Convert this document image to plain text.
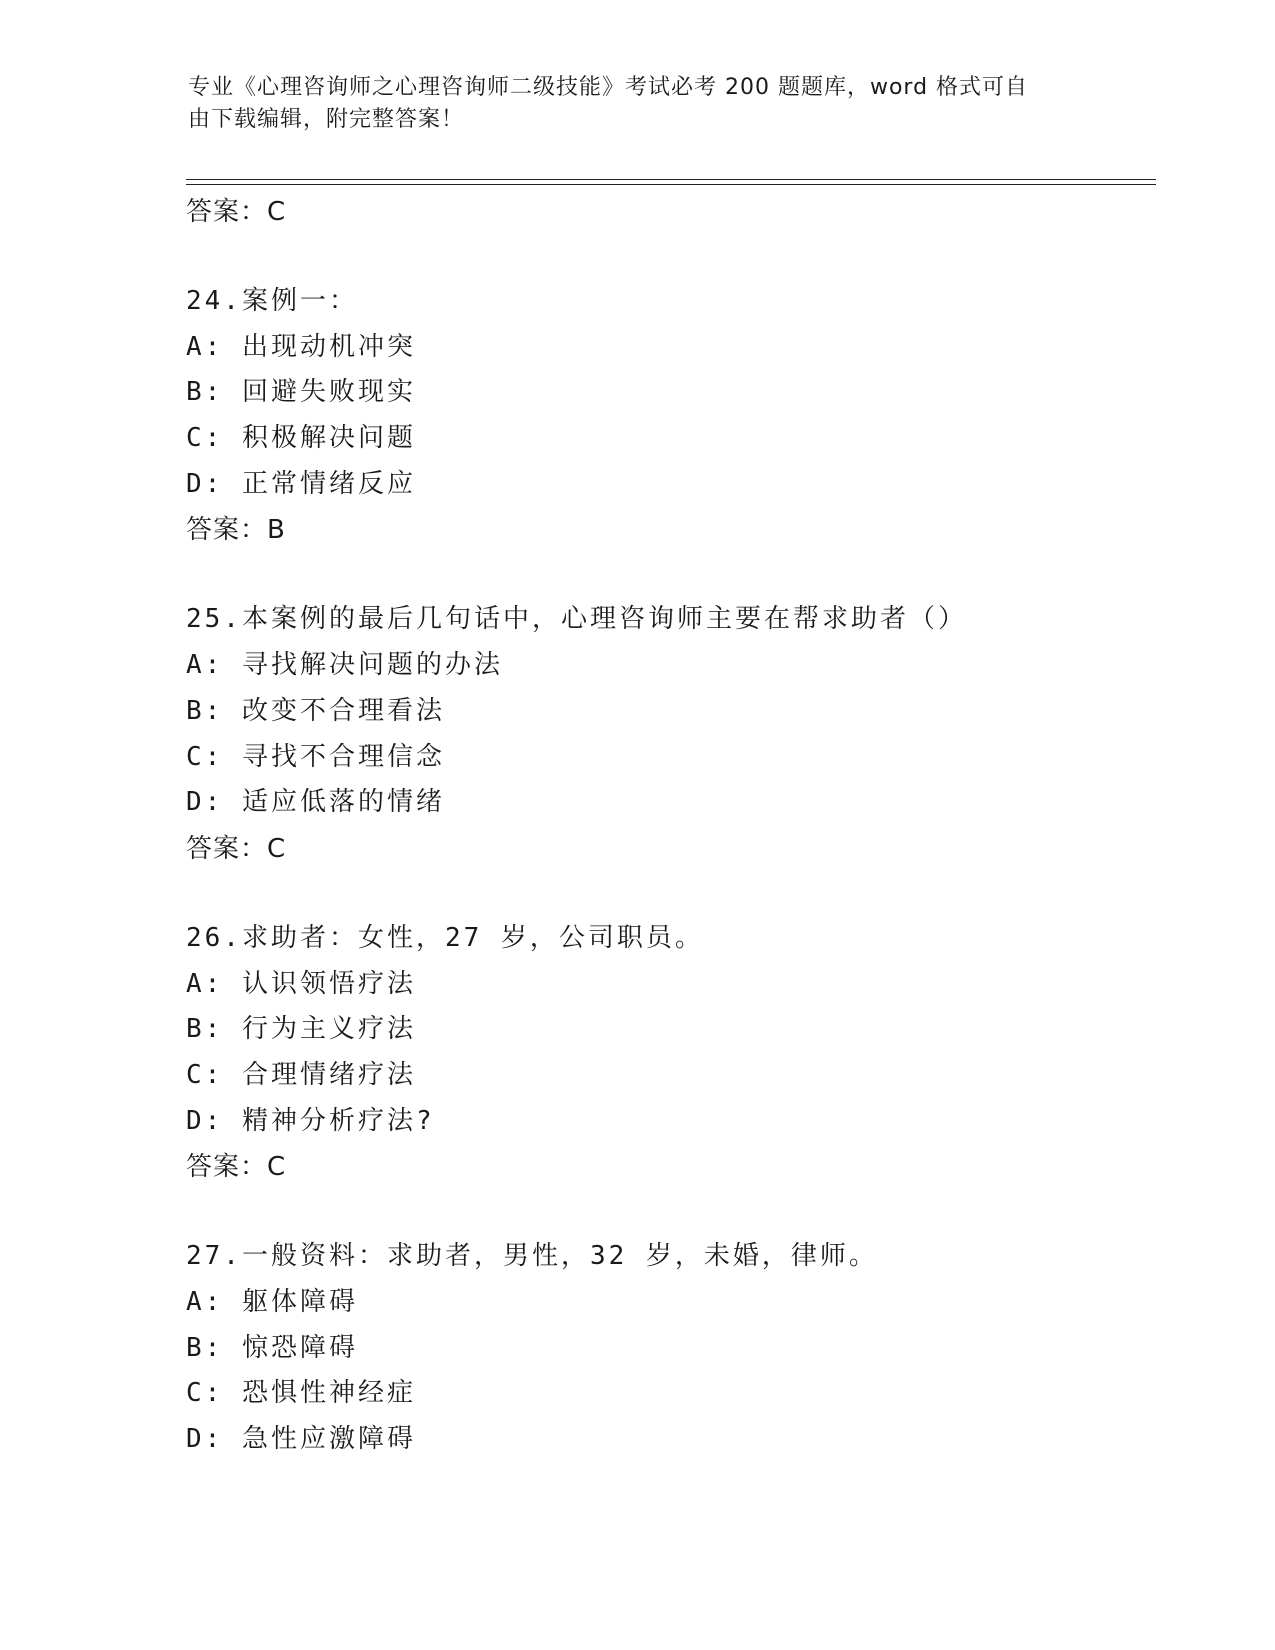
专业《心理咨询师之心理咨询师二级技能》考试必考 200 题题库，word 格式可自
由下载编辑，附完整答案！
答案：C
24.案例一：
A: 出现动机冲突
B: 回避失败现实
C: 积极解决问题
D: 正常情绪反应
答案：B
25.本案例的最后几句话中，心理咨询师主要在帮求助者（）
A: 寻找解决问题的办法
B: 改变不合理看法
C: 寻找不合理信念
D: 适应低落的情绪
答案：C
26.求助者：女性，27 岁，公司职员。
A: 认识领悟疗法
B: 行为主义疗法
C: 合理情绪疗法
D: 精神分析疗法?
答案：C
27.一般资料：求助者，男性，32 岁，未婚，律师。
A: 躯体障碍
B: 惊恐障碍
C: 恐惧性神经症
D: 急性应激障碍
